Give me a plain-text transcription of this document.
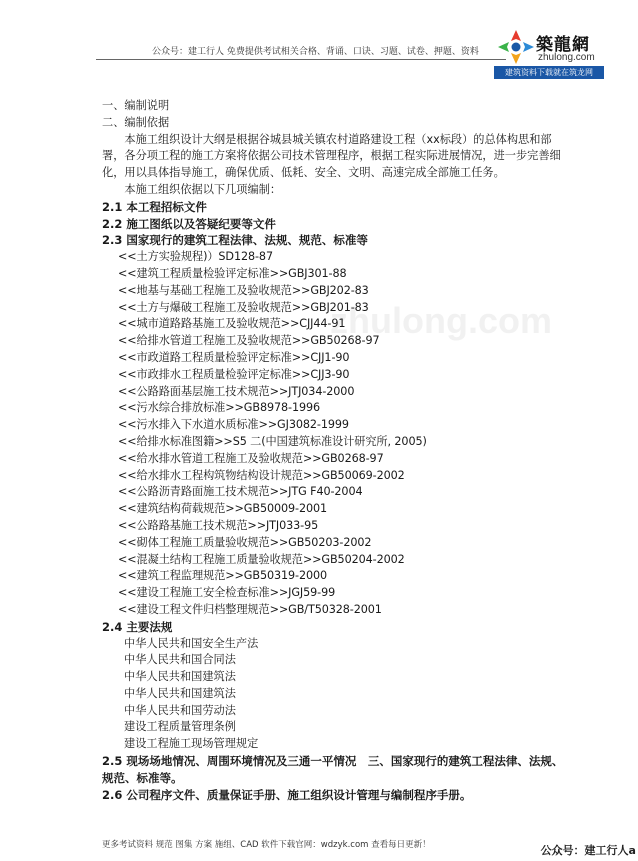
公众号：建工行人 免费提供考试相关合格、背诵、口诀、习题、试卷、押题、资料	築龍網
zhulong.com
建筑资料下载就在筑龙网
zhulong.com
一、编制说明
二、编制依据
本施工组织设计大纲是根据谷城县城关镇农村道路建设工程（xx标段）的总体构思和部署，各分项工程的施工方案将依据公司技术管理程序，根据工程实际进展情况，进一步完善细化，用以具体指导施工，确保优质、低耗、安全、文明、高速完成全部施工任务。
本施工组织依据以下几项编制：
2.1 本工程招标文件
2.2 施工图纸以及答疑纪要等文件
2.3 国家现行的建筑工程法律、法规、规范、标准等
<<土方实验规程)）SD128-87
<<建筑工程质量检验评定标准>>GBJ301-88
<<地基与基础工程施工及验收规范>>GBJ202-83
<<土方与爆破工程施工及验收规范>>GBJ201-83
<<城市道路路基施工及验收规范>>CJJ44-91
<<给排水管道工程施工及验收规范>>GB50268-97
<<市政道路工程质量检验评定标准>>CJJ1-90
<<市政排水工程质量检验评定标准>>CJJ3-90
<<公路路面基层施工技术规范>>JTJ034-2000
<<污水综合排放标准>>GB8978-1996
<<污水排入下水道水质标准>>GJ3082-1999
<<给排水标准图籍>>S5 二(中国建筑标准设计研究所, 2005)
<<给水排水管道工程施工及验收规范>>GB0268-97
<<给水排水工程构筑物结构设计规范>>GB50069-2002
<<公路沥青路面施工技术规范>>JTG F40-2004
<<建筑结构荷载规范>>GB50009-2001
<<公路路基施工技术规范>>JTJ033-95
<<砌体工程施工质量验收规范>>GB50203-2002
<<混凝土结构工程施工质量验收规范>>GB50204-2002
<<建筑工程监理规范>>GB50319-2000
<<建设工程施工安全检查标准>>JGJ59-99
<<建设工程文件归档整理规范>>GB/T50328-2001
2.4 主要法规
中华人民共和国安全生产法
中华人民共和国合同法
中华人民共和国建筑法
中华人民共和国建筑法
中华人民共和国劳动法
建设工程质量管理条例
建设工程施工现场管理规定
2.5 现场场地情况、周围环境情况及三通一平情况　三、国家现行的建筑工程法律、法规、规范、标准等。
2.6 公司程序文件、质量保证手册、施工组织设计管理与编制程序手册。
更多考试资料 规范 图集 方案 施组、CAD 软件下载官网：wdzyk.com 查看每日更新！	公众号：建工行人a
